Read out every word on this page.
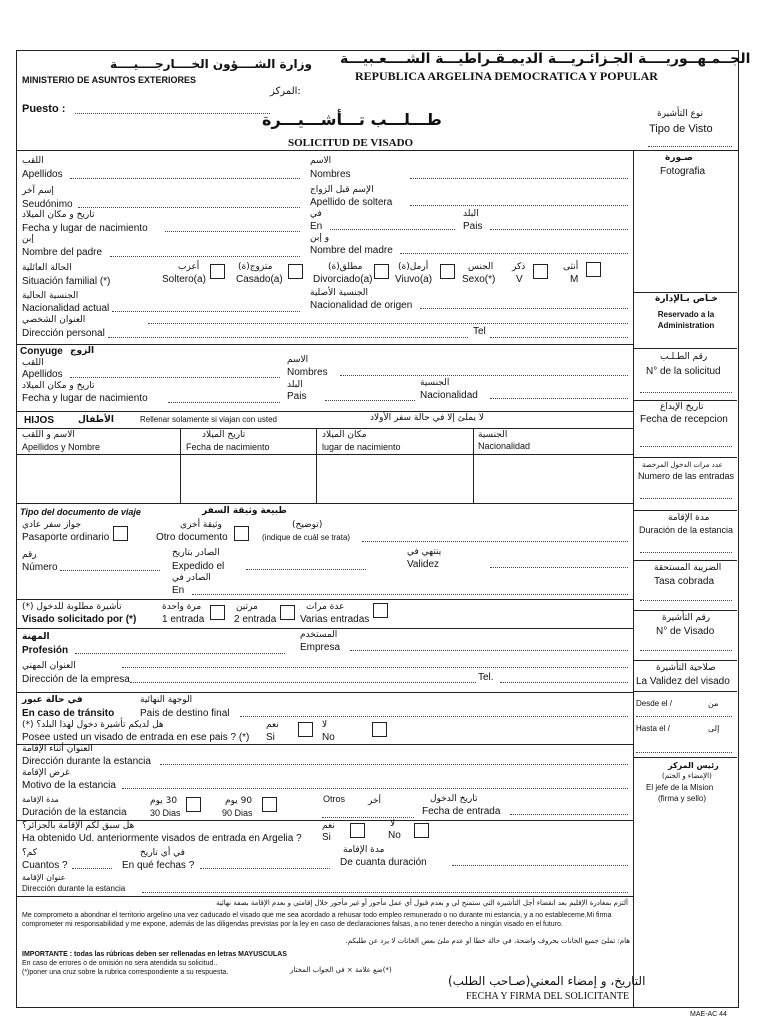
وزارة الشــــؤون الخــــارجــــيــــة
MINISTERIO DE ASUNTOS EXTERIORES
الجــمـهــوريــــة الجـزائـريـــة الديمـقـراطيـــة الشــــعـبيـــة
REPUBLICA ARGELINA DEMOCRATICA Y POPULAR
:المركز
Puesto :
طـــلـــب تـــأشـــيـــرة
SOLICITUD DE VISADO
نوع التأشيرة
Tipo de Visto
اللقب
Apellidos
الاسم
Nombres
إسم آخر
Seudónimo
الإسم قبل الزواج
Apellido de soltera
تاريخ و مكان الميلاد
Fecha y lugar de nacimiento
في
En
البلد
Pais
إبن
Nombre del padre
و إبن
Nombre del madre
الحالة العائلية
Situación familial (*)
أعزب
Soltero(a)
متزوج(ة)
Casado(a)
مطلق(ة)
Divorciado(a)
أرمل(ة)
Viuvo(a)
الجنس
Sexo(*)
ذكر
V
أنثى
M
الجنسية الحالية
Nacionalidad actual
الجنسية الأصلية
Nacionalidad de origen
العنوان الشخصي
Dirección personal	Tel
صـورة
Fotografia
خـاص بـالإدارة
Reservado a la Administration
رقم الطـلـب
N° de la solicitud
تاريخ الإيداع
Fecha de recepcion
عدد مرات الدخول المرخصة
Numero de las entradas
مدة الإقامة
Duración de la estancia
الضريبة المستحقة
Tasa cobrada
رقم التأشيرة
N° de Visado
صلاحية التأشيرة
La Validez del visado
Desde el /	من
Hasta el /	إلى
رئيس المركز
(الإمضاء و الختم)
El jefe de la Mision
(firma y sello)
Conyuge الزوج
اللقب
Apellidos
الاسم
Nombres
تاريخ و مكان الميلاد
Fecha y lugar de nacimiento
البلد
Pais
الجنسية
Nacionalidad
HIJOS	الأطفال	Rellenar solamente si viajan con usted	لا يملئ إلا في حالة سفر الأولاد
الاسم و اللقب
Apellidos y Nombre
تاريخ الميلاد
Fecha de nacimiento
مكان الميلاد
lugar de nacimiento
الجنسية
Nacionalidad
Tipo del documento de viaje	طبيعة وثيقة السفر
جواز سفر عادي
Pasaporte ordinario
وثيقة أخرى
Otro documento
(توضيح)
(indique de cuál se trata)
رقم
Número
الصادر بتاريخ
Expedido el
ينتهي في
Validez
الصادر في
En
تأشيرة مطلوبة للدخول (*)
Visado solicitado por (*)
مرة واحدة
1 entrada
مرتين
2 entrada
عدة مرات
Varias entradas
المهنة
Profesión
المستخدم
Empresa
العنوان المهني
Dirección de la empresa	Tel.
في حالة عبور
En caso de tránsito
الوجهة النهائية
Pais de destino final
هل لديكم تأشيرة دخول لهذا البلد؟ (*)
Posee usted un visado de entrada en ese pais ? (*)
نعم
Si
لا
No
العنوان أثناء الإقامة
Dirección durante la estancia
غرض الإقامة
Motivo de la estancia
مدة الإقامة
Duración de la estancia
30 يوم
30 Dias
90 يوم
90 Dias
Otros	أخر	تاريخ الدخول
Fecha de entrada
هل سبق لكم الإقامة بالجزائر؟
Ha obtenido Ud. anteriormente visados de entrada en Argelia ?
نعم
Si
لا
No
كم؟
Cuantos ?
في أي تاريخ
En qué fechas ?
مدة الإقامة
De cuanta duración
عنوان الإقامة
Dirección durante la estancia
ألتزم بمغادرة الإقليم بعد انقضاء أجل التأشيرة التي ستمنح لي و بعدم قبول أي عمل مأجور أو غير مأجور خلال إقامتي و بعدم الإقامة بصفة نهائية
Me comprometo a abondnar el territorio argelino una vez caducado el visado que me sea acordado a rehusar todo empleo remunerado o no durante mi estancia, y a no estableceme.Mi firma comprometer mi responsabilidad y me expone, además de las diligendas previstas por la ley en caso de declaraciones falsas, a no tener derecho a ningún visado en el futuro.
هام: تملئ جميع الخانات بحروف واضحة، في حالة خطأ أو عدم ملئ بعض الخانات لا يرد عن طلبكم.
IMPORTANTE : todas las rúbricas deben ser rellenadas en letras MAYUSCULAS
En caso de errores o de omisión no sera atendida su solicitud..
(*)poner una cruz sobre la rubrica correspondiente a su respuesta.	(*)ضع علامة × في الجواب المختار
التاريخ، و إمضاء المعني(صـاحب الطلب)
FECHA Y FIRMA DEL SOLICITANTE
MAE-AC 44
